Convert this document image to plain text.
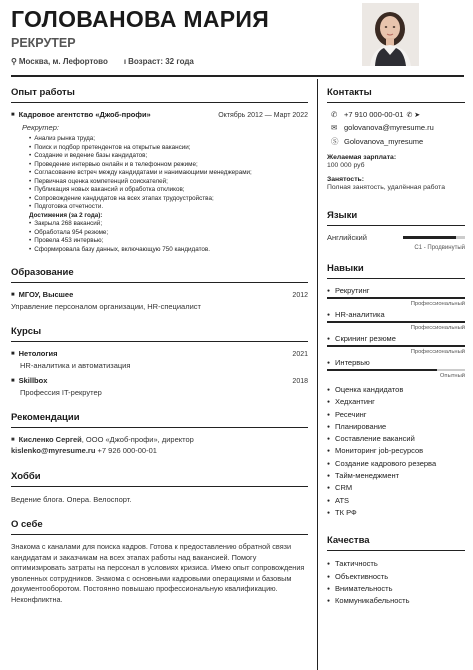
ГОЛОВАНОВА МАРИЯ
РЕКРУТЕР
⚲ Москва, м. Лефортово ı Возраст: 32 года
Опыт работы
■ Кадровое агентство «Джоб-профи»	Октябрь 2012 — Март 2022
Рекрутер:
• Анализ рынка труда;
• Поиск и подбор претендентов на открытые вакансии;
• Создание и ведение базы кандидатов;
• Проведение интервью онлайн и в телефонном режиме;
• Согласование встреч между кандидатами и нанимающими менеджерами;
• Первичная оценка компетенций соискателей;
• Публикация новых вакансий и обработка откликов;
• Сопровождение кандидатов на всех этапах трудоустройства;
• Подготовка отчетности.
Достижения (за 2 года):
• Закрыла 268 вакансий;
• Обработала 954 резюме;
• Провела 453 интервью;
• Сформировала базу данных, включающую 750 кандидатов.
Образование
■ МГОУ, Высшее	2012
Управление персоналом организации, HR-специалист
Курсы
■ Нетология	2021
HR-аналитика и автоматизация
■ Skillbox	2018
Профессия IT-рекрутер
Рекомендации
■ Кисленко Сергей, ООО «Джоб-профи», директор
kislenko@myresume.ru +7 926 000-00-01
Хобби
Ведение блога. Опера. Велоспорт.
О себе
Знакома с каналами для поиска кадров. Готова к предоставлению обратной связи кандидатам и заказчикам на всех этапах работы над вакансией. Помогу оптимизировать затраты на персонал в условиях кризиса. Имею опыт сопровождения уволенных сотрудников. Знакома с основными кадровыми операциями и базовым документооборотом. Постоянно повышаю профессиональную квалификацию. Неконфликтна.
Контакты
✆ +7 910 000-00-01 ✆ ➤
✉ golovanova@myresume.ru
Ⓢ Golovanova_myresume
Желаемая зарплата:
100 000 руб
Занятость:
Полная занятость, удалённая работа
Языки
Английский
C1 - Продвинутый
Навыки
● Рекрутинг
Профессиональный
● HR-аналитика
Профессиональный
● Скрининг резюме
Профессиональный
● Интервью
Опытный
● Оценка кандидатов
● Хедхантинг
● Ресечинг
● Планирование
● Составление вакансий
● Мониторинг job-ресурсов
● Создание кадрового резерва
● Тайм-менеджмент
● CRM
● ATS
● ТК РФ
Качества
● Тактичность
● Объективность
● Внимательность
● Коммуникабельность
